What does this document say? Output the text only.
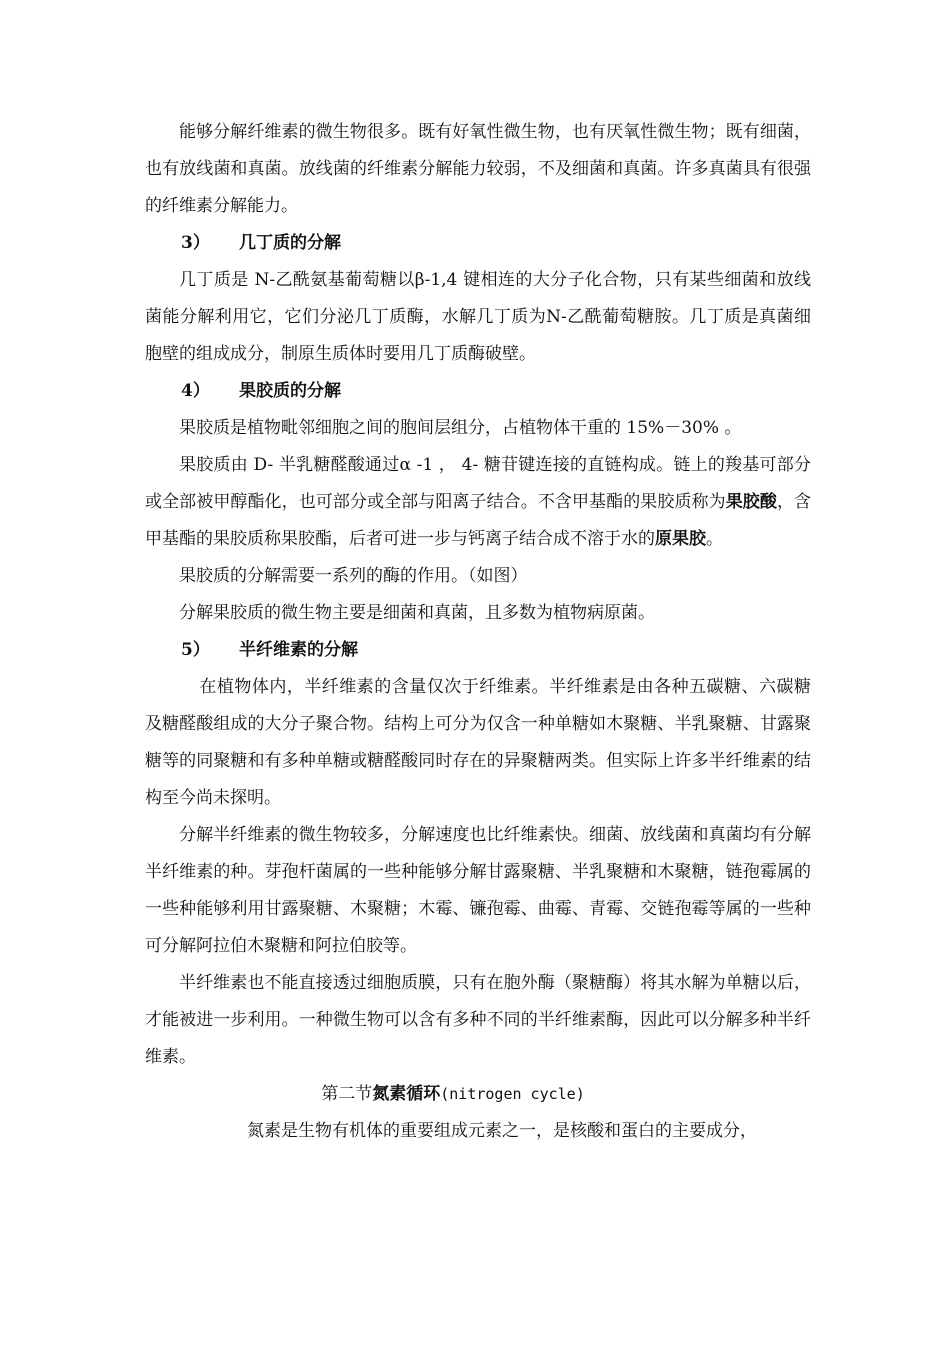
能够分解纤维素的微生物很多。既有好氧性微生物，也有厌氧性微生物；既有细菌，也有放线菌和真菌。放线菌的纤维素分解能力较弱，不及细菌和真菌。许多真菌具有很强的纤维素分解能力。

3） 几丁质的分解

几丁质是 N-乙酰氨基葡萄糖以β-1,4 键相连的大分子化合物，只有某些细菌和放线菌能分解利用它，它们分泌几丁质酶，水解几丁质为N-乙酰葡萄糖胺。几丁质是真菌细胞壁的组成成分，制原生质体时要用几丁质酶破壁。

4） 果胶质的分解

果胶质是植物毗邻细胞之间的胞间层组分，占植物体干重的 15%－30% 。

果胶质由 D- 半乳糖醛酸通过α -1 ， 4- 糖苷键连接的直链构成。链上的羧基可部分或全部被甲醇酯化，也可部分或全部与阳离子结合。不含甲基酯的果胶质称为果胶酸，含甲基酯的果胶质称果胶酯，后者可进一步与钙离子结合成不溶于水的原果胶。

果胶质的分解需要一系列的酶的作用。（如图）

分解果胶质的微生物主要是细菌和真菌，且多数为植物病原菌。

5） 半纤维素的分解

在植物体内，半纤维素的含量仅次于纤维素。半纤维素是由各种五碳糖、六碳糖及糖醛酸组成的大分子聚合物。结构上可分为仅含一种单糖如木聚糖、半乳聚糖、甘露聚糖等的同聚糖和有多种单糖或糖醛酸同时存在的异聚糖两类。但实际上许多半纤维素的结构至今尚未探明。

分解半纤维素的微生物较多，分解速度也比纤维素快。细菌、放线菌和真菌均有分解半纤维素的种。芽孢杆菌属的一些种能够分解甘露聚糖、半乳聚糖和木聚糖，链孢霉属的一些种能够利用甘露聚糖、木聚糖；木霉、镰孢霉、曲霉、青霉、交链孢霉等属的一些种可分解阿拉伯木聚糖和阿拉伯胶等。

半纤维素也不能直接透过细胞质膜，只有在胞外酶（聚糖酶）将其水解为单糖以后，才能被进一步利用。一种微生物可以含有多种不同的半纤维素酶，因此可以分解多种半纤维素。

第二节氮素循环(nitrogen cycle)

氮素是生物有机体的重要组成元素之一，是核酸和蛋白的主要成分，
